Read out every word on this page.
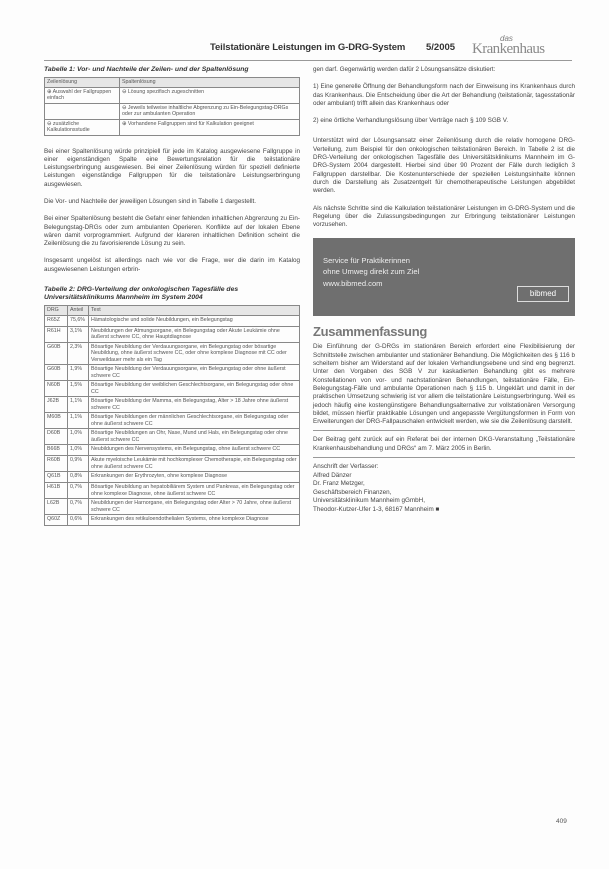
Teilstationäre Leistungen im G-DRG-System 5/2005
das
Krankenhaus
Tabelle 1: Vor- und Nachteile der Zeilen- und der Spaltenlösung
Zeilenlösung	Spaltenlösung
⊕ Auswahl der Fallgruppen einfach	⊖ Lösung spezifisch zugeschnitten
	⊖ Jeweils teilweise inhaltliche Abgrenzung zu Ein-Belegungstag-DRGs oder zur ambulanten Operation
⊖ zusätzliche Kalkulationsstudie	⊕ Vorhandene Fallgruppen sind für Kalkulation geeignet

Bei einer Spaltenlösung würde prinzipiell für jede im Katalog ausgewiesene Fallgruppe in einer eigenständigen Spalte eine Bewertungsrelation für die teilstationäre Leistungserbringung ausgewiesen. Bei einer Zeilenlösung würden für speziell definierte Leistungen eigenständige Fallgruppen für die teilstationäre Leistungserbringung ausgewiesen.

Die Vor- und Nachteile der jeweiligen Lösungen sind in Tabelle 1 dargestellt.

Bei einer Spaltenlösung besteht die Gefahr einer fehlenden inhaltlichen Abgrenzung zu Ein-Belegungstag-DRGs oder zum ambulanten Operieren. Konflikte auf der lokalen Ebene wären damit vorprogrammiert. Aufgrund der klareren inhaltlichen Definition scheint die Zeilenlösung die zu favorisierende Lösung zu sein.

Insgesamt ungelöst ist allerdings nach wie vor die Frage, wer die darin im Katalog ausgewiesenen Leistungen erbrin-

Tabelle 2: DRG-Verteilung der onkologischen Tagesfälle des Universitätsklinikums Mannheim im System 2004
DRG	Anteil	Text
R65Z	75,6%	Hämatologische und solide Neubildungen, ein Belegungstag
R61H	3,1%	Neubildungen der Atmungsorgane, ein Belegungstag oder Akute Leukämie ohne äußerst schwere CC, ohne Hauptdiagnose
G60B	2,3%	Bösartige Neubildung der Verdauungsorgane, ein Belegungstag oder bösartige Neubildung, ohne äußerst schwere CC, oder ohne komplexe Diagnose mit CC oder Verweildauer mehr als ein Tag
G60B	1,9%	Bösartige Neubildung der Verdauungsorgane, ein Belegungstag oder ohne äußerst schwere CC
N60B	1,5%	Bösartige Neubildung der weiblichen Geschlechtsorgane, ein Belegungstag oder ohne CC
J62B	1,1%	Bösartige Neubildung der Mamma, ein Belegungstag, Alter > 18 Jahre ohne äußerst schwere CC
M60B	1,1%	Bösartige Neubildungen der männlichen Geschlechtsorgane, ein Belegungstag oder ohne äußerst schwere CC
D60B	1,0%	Bösartige Neubildungen an Ohr, Nase, Mund und Hals, ein Belegungstag oder ohne äußerst schwere CC
B66B	1,0%	Neubildungen des Nervensystems, ein Belegungstag, ohne äußerst schwere CC
R60B	0,9%	Akute myeloische Leukämie mit hochkomplexer Chemotherapie, ein Belegungstag oder ohne äußerst schwere CC
Q61B	0,8%	Erkrankungen der Erythrozyten, ohne komplexe Diagnose
H61B	0,7%	Bösartige Neubildung an hepatobiliärem System und Pankreas, ein Belegungstag oder ohne komplexe Diagnose, ohne äußerst schwere CC
L62B	0,7%	Neubildungen der Harnorgane, ein Belegungstag oder Alter > 70 Jahre, ohne äußerst schwere CC
Q60Z	0,6%	Erkrankungen des retikuloendothelialen Systems, ohne komplexe Diagnose

gen darf. Gegenwärtig werden dafür 2 Lösungsansätze diskutiert:

1) Eine generelle Öffnung der Behandlungsform nach der Einweisung ins Krankenhaus durch das Krankenhaus. Die Entscheidung über die Art der Behandlung (teilstationär, tagesstationär oder ambulant) trifft allein das Krankenhaus oder

2) eine örtliche Verhandlungslösung über Verträge nach § 109 SGB V.

Unterstützt wird der Lösungsansatz einer Zeilenlösung durch die relativ homogene DRG-Verteilung, zum Beispiel für den onkologischen teilstationären Bereich. In Tabelle 2 ist die DRG-Verteilung der onkologischen Tagesfälle des Universitätsklinikums Mannheim im G-DRG-System 2004 dargestellt. Hierbei sind über 90 Prozent der Fälle durch lediglich 3 Fallgruppen darstellbar. Die Kostenunterschiede der speziellen Leistungsinhalte können durch die Darstellung als Zusatzentgelt für chemotherapeutische Leistungen abgebildet werden.

Als nächste Schritte sind die Kalkulation teilstationärer Leistungen im G-DRG-System und die Regelung über die Zulassungsbedingungen zur Erbringung teilstationärer Leistungen vorzusehen.

Service für Praktikerinnen
ohne Umweg direkt zum Ziel
www.bibmed.com
bibmed
Zusammenfassung

Die Einführung der G-DRGs im stationären Bereich erfordert eine Flexibilisierung der Schnittstelle zwischen ambulanter und stationärer Behandlung. Die Möglichkeiten des § 116 b scheitern bisher am Widerstand auf der lokalen Verhandlungsebene und sind eng begrenzt. Unter den Vorgaben des SGB V zur kaskadierten Behandlung gibt es mehrere Konstellationen von vor- und nachstationären Behandlungen, teilstationäre Fälle, Ein-Belegungstag-Fälle und ambulante Operationen nach § 115 b. Ungeklärt und damit in der praktischen Umsetzung schwierig ist vor allem die teilstationäre Leistungserbringung. Weil es jedoch häufig eine kostengünstigere Behandlungsalternative zur vollstationären Versorgung bildet, müssen hierfür praktikable Lösungen und angepasste Vergütungsformen in Form von Erweiterungen der DRG-Fallpauschalen entwickelt werden, wie sie die Zeilenlösung darstellt.

Der Beitrag geht zurück auf ein Referat bei der internen DKG-Veranstaltung „Teilstationäre Krankenhausbehandlung und DRGs“ am 7. März 2005 in Berlin.

Anschrift der Verfasser:

Alfred Dänzer

Dr. Franz Metzger,

Geschäftsbereich Finanzen,

Universitätsklinikum Mannheim gGmbH,

Theodor-Kutzer-Ufer 1-3, 68167 Mannheim ■

409
